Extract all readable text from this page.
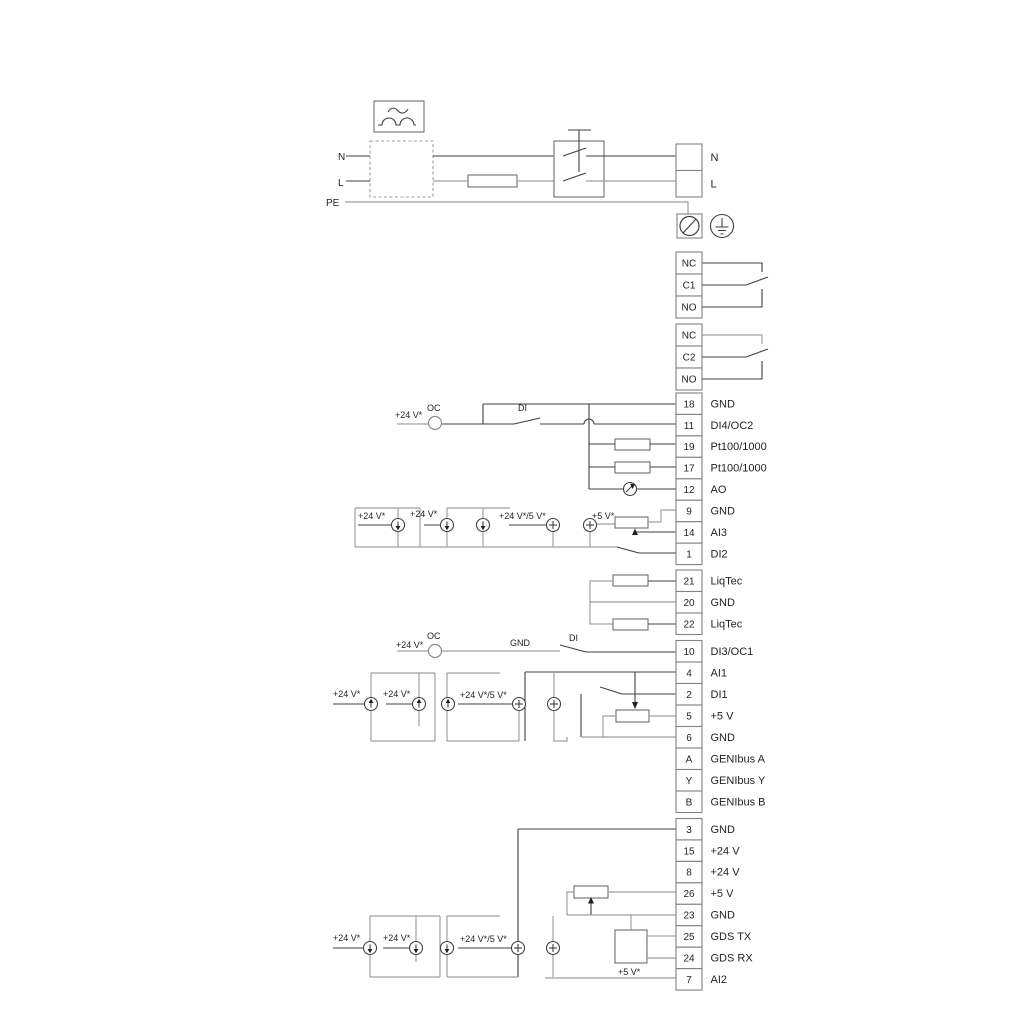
N
L
NC
C1
NO
NC
C2
NO
18 GND
11 DI4/OC2
19 Pt100/1000
17 Pt100/1000
12 AO
9 GND
14 AI3
1 DI2
21 LiqTec
20 GND
22 LiqTec
10 DI3/OC1
4 AI1
2 DI1
5 +5 V
6 GND
A GENIbus A
Y GENIbus Y
B GENIbus B
3 GND
15 +24 V
8 +24 V
26 +5 V
23 GND
25 GDS TX
24 GDS RX
7 AI2
N
L
PE
+24 V*
OC	DI
+24 V*	+24 V*	+24 V*/5 V*	+5 V*
+24 V*
OC
GND	DI
+24 V*	+24 V*	+24 V*/5 V*
+24 V*	+24 V*	+24 V*/5 V*
+5 V*
